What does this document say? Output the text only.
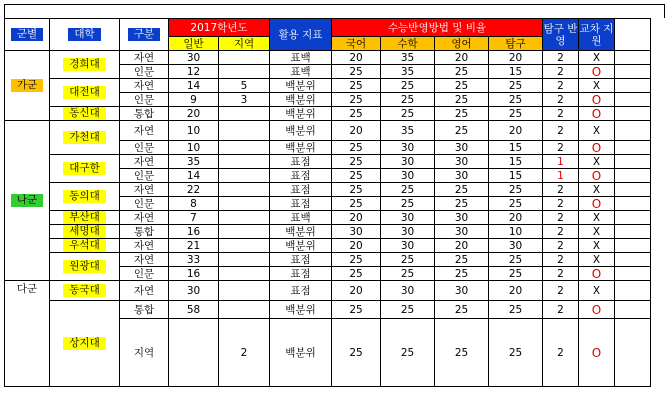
군별	대학	구분	2017학년도		활용 지표	수능반영방법 및 비율				탐구 반영	교차 지원	
			일반	지역		국어	수학	영어	탐구			
가군	경희대	자연	30		표백	20	35	20	20	2	X	
		인문	12		표백	25	35	25	15	2	O	
	대전대	자연	14	5	백분위	25	25	25	25	2	X	
		인문	9	3	백분위	25	25	25	25	2	O	
	동신대	통합	20		백분위	25	25	25	25	2	O	
나군	가천대	자연	10		백분위	20	35	25	20	2	X	
		인문	10		백분위	25	30	30	15	2	O	
	대구한	자연	35		표점	25	30	30	15	1	X	
		인문	14		표점	25	30	30	15	1	O	
	동의대	자연	22		표점	25	25	25	25	2	X	
		인문	8		표점	25	25	25	25	2	O	
	부산대	자연	7		표백	20	30	30	20	2	X	
	세명대	통합	16		백분위	30	30	30	10	2	X	
	우석대	자연	21		백분위	20	30	20	30	2	X	
	원광대	자연	33		표점	25	25	25	25	2	X	
		인문	16		표점	25	25	25	25	2	O	
다군	동국대	자연	30		표점	20	30	30	20	2	X	
	상지대	통합	58		백분위	25	25	25	25	2	O	
		지역		2	백분위	25	25	25	25	2	O	
